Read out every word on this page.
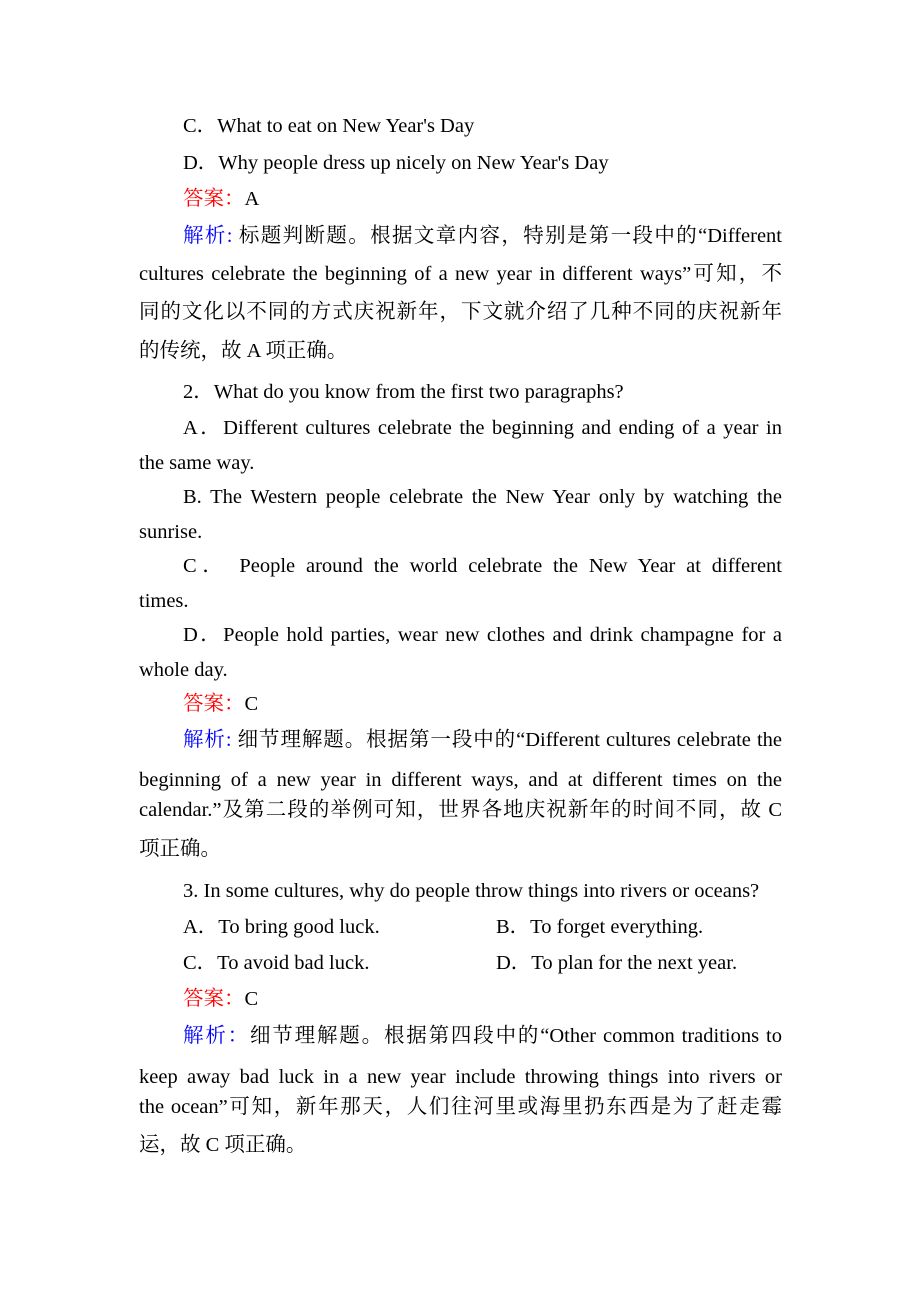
C．What to eat on New Year's Day
D．Why people dress up nicely on New Year's Day
答案：A
解析: 标题判断题。根据文章内容，特别是第一段中的“Different
cultures celebrate the beginning of a new year in different ways”可知，不
同的文化以不同的方式庆祝新年，下文就介绍了几种不同的庆祝新年
的传统，故 A 项正确。
2．What do you know from the first two paragraphs?
A．Different cultures celebrate the beginning and ending of a year in
the same way.
B. The Western people celebrate the New Year only by watching the
sunrise.
C． People around the world celebrate the New Year at different
times.
D．People hold parties, wear new clothes and drink champagne for a
whole day.
答案：C
解析: 细节理解题。根据第一段中的“Different cultures celebrate the
beginning of a new year in different ways, and at different times on the
calendar.”及第二段的举例可知，世界各地庆祝新年的时间不同，故 C
项正确。
3. In some cultures, why do people throw things into rivers or oceans?
A．To bring good luck.	B．To forget everything.
C．To avoid bad luck.	D．To plan for the next year.
答案：C
解析：细节理解题。根据第四段中的“Other common traditions to
keep away bad luck in a new year include throwing things into rivers or
the ocean”可知，新年那天，人们往河里或海里扔东西是为了赶走霉
运，故 C 项正确。
